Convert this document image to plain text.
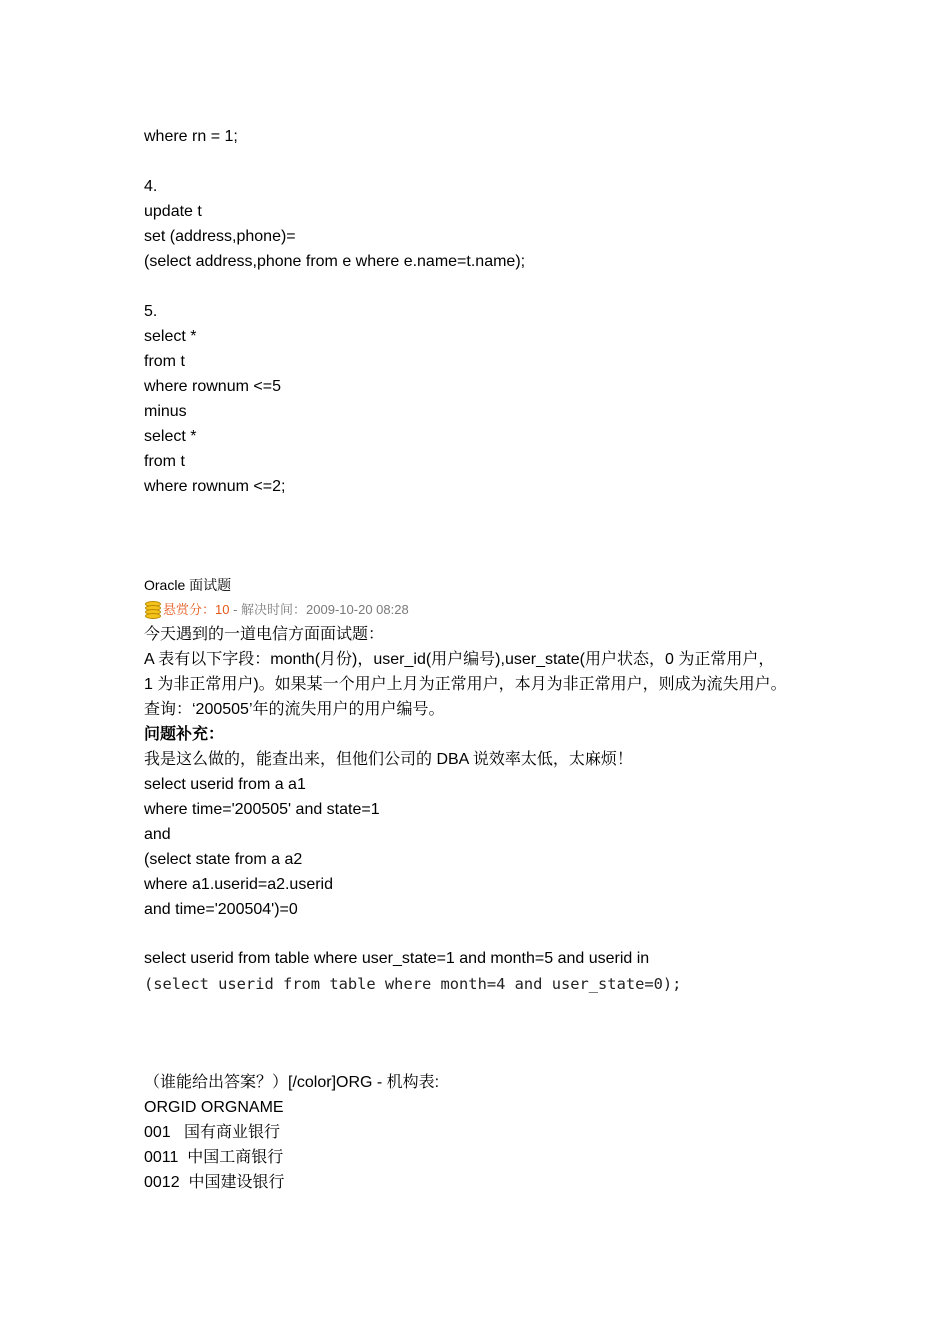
where rn = 1;
4.
update t
set (address,phone)=
(select address,phone from e where e.name=t.name);
5.
select *
from t
where rownum <=5
minus
select *
from t
where rownum <=2;
Oracle 面试题

悬赏分： 10 - 解决时间：2009-10-20 08:28
今天遇到的一道电信方面面试题：
A 表有以下字段：month(月份)，user_id(用户编号),user_state(用户状态，0 为正常用户，
1 为非正常用户)。如果某一个用户上月为正常用户，本月为非正常用户，则成为流失用户。
查询：‘200505’年的流失用户的用户编号。
问题补充：
我是这么做的，能查出来，但他们公司的 DBA 说效率太低，太麻烦！
select userid from a a1
where time='200505' and state=1
and
(select state from a a2
where a1.userid=a2.userid
and time='200504')=0
select userid from table where user_state=1 and month=5 and userid in
(select userid from table where month=4 and user_state=0);
（谁能给出答案？）[/color]ORG - 机构表:
ORGID ORGNAME
001   国有商业银行
0011  中国工商银行
0012  中国建设银行
